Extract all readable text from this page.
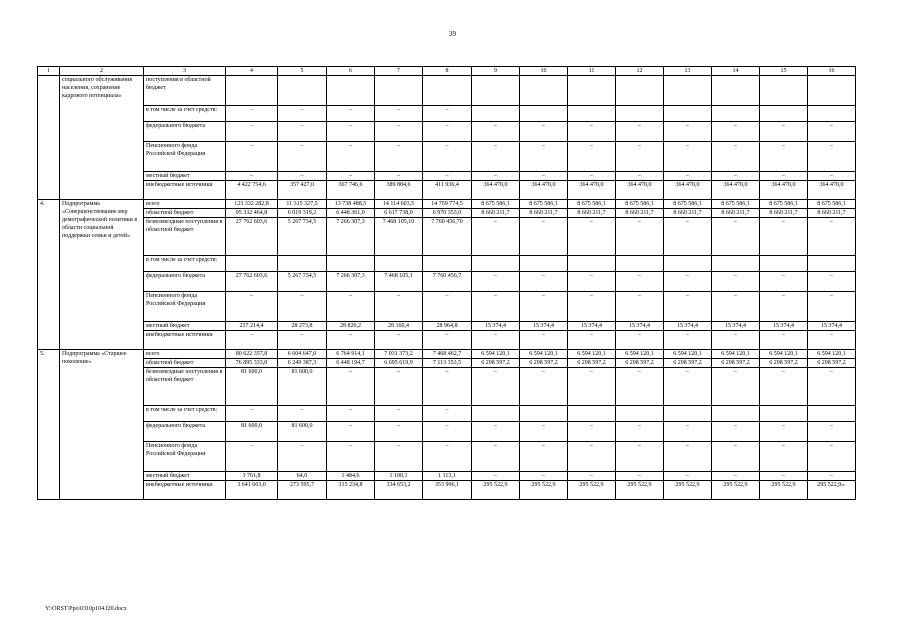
39
1	2	3	4	5	6	7	8	9	10	11	12	13	14	15	16
	социального обслуживания населения, сохранение кадрового потенциала»	поступления в областной бюджет													
		в том числе за счет средств:	–	–	–	–	–								
		федерального бюджета	–	–	–	–	–	–	–	–	–	–	–	–	–
		Пенсионного фонда Российской Федерации	–	–	–	–	–	–	–	–	–	–	–	–	–
		местный бюджет	–	–	–	–	–	–	–	–	–	–	–	–	–
		внебюджетные источники	4 422 754,6	357 427,0	367 746,6	389 884,6	411 936,4	364 470,0	364 470,0	364 470,0	364 470,0	364 470,0	364 470,0	364 470,0	364 470,0
4.	Подпрограмма «Совершенствование мер демографической политики в области социальной поддержки семьи и детей»	всего	123 332 282,8	11 315 327,5	13 738 488,5	14 114 603,5	14 759 774,5	8 675 586,1	8 675 586,1	8 675 586,1	8 675 586,1	8 675 586,1	8 675 586,1	8 675 586,1	8 675 586,1
		областной бюджет	95 332 464,8	6 019 319,2	6 448 361,0	6 617 738,0	6 970 353,0	8 660 211,7	8 660 211,7	8 660 211,7	8 660 211,7	8 660 211,7	8 660 211,7	8 660 211,7	8 660 211,7
		безвозмездные поступления в областной бюджет	27 762 603,6	5 267 734,5	7 266 307,3	7 468 105,10	7 760 456,70	–	–	–	–	–	–	–	–
		в том числе за счет средств:													
		федерального бюджета	27 762 603,6	5 267 734,5	7 266 307,3	7 468 105,1	7 760 456,7	–	–	–	–	–	–	–	–
		Пенсионного фонда Российской Федерации	–	–	–	–	–	–	–	–	–	–	–	–	–
		местный бюджет	237 214,4	28 273,8	28 820,2	28 160,4	28 964,8	15 374,4	15 374,4	15 374,4	15 374,4	15 374,4	15 374,4	15 374,4	15 374,4
		внебюджетные источники	–	–	–	–	–	–	–	–	–	–	–	–	–
5.	Подпрограмма «Старшее поколение»	всего	80 622 357,8	6 604 647,0	6 764 914,1	7 031 373,2	7 468 462,7	6 594 120,1	6 594 120,1	6 594 120,1	6 594 120,1	6 594 120,1	6 594 120,1	6 594 120,1	6 594 120,1
		областной бюджет	76 895 333,0	6 249 387,3	6 448 194,7	6 695 619,9	7 113 353,5	6 298 597,2	6 298 597,2	6 298 597,2	6 298 597,2	6 298 597,2	6 298 597,2	6 298 597,2	6 298 597,2
		безвозмездные поступления в областной бюджет	81 600,0	81 600,0	–	–	–	–	–	–	–	–	–	–	–
		в том числе за счет средств:	–	–	–	–	–								
		федерального бюджета	81 600,0	81 600,0	–	–	–	–	–	–	–	–	–	–	–
		Пенсионного фонда Российской Федерации	–	–	–	–	–	–	–	–	–	–	–	–	–
		местный бюджет	3 761,8	64,0	1 484,6	1 100,1	1 113,1	–	–	–	–	–	–	–	–
		внебюджетные источники	3 641 663,0	273 595,7	315 234,8	334 653,2	353 996,1	295 522,9	295 522,9	295 522,9	295 522,9	295 522,9	295 522,9	295 522,9	295 522,9».
Y:\ORST\Ppo\0310p104.f20.docx
